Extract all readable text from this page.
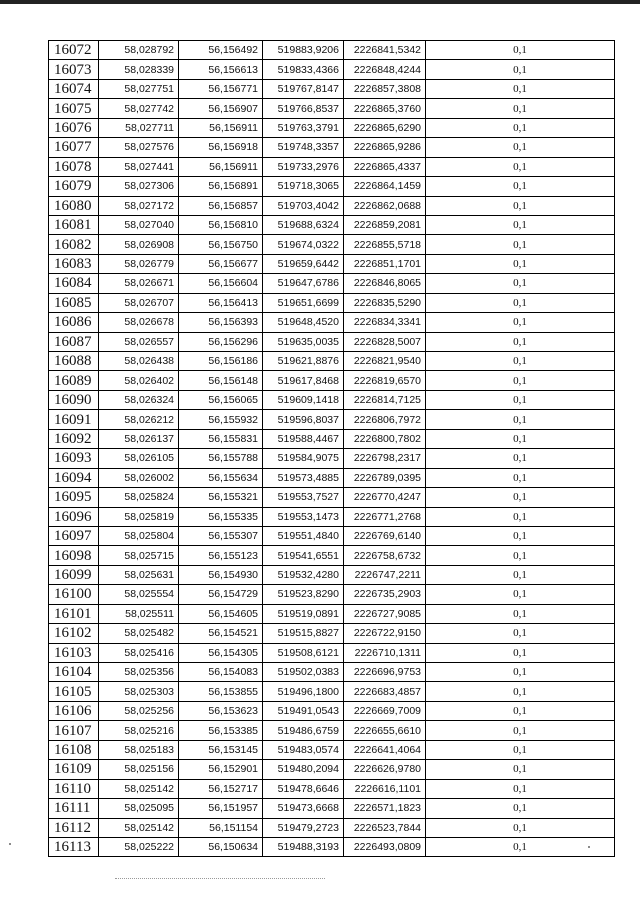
16072	58,028792	56,156492	519883,9206	2226841,5342	0,1
16073	58,028339	56,156613	519833,4366	2226848,4244	0,1
16074	58,027751	56,156771	519767,8147	2226857,3808	0,1
16075	58,027742	56,156907	519766,8537	2226865,3760	0,1
16076	58,027711	56,156911	519763,3791	2226865,6290	0,1
16077	58,027576	56,156918	519748,3357	2226865,9286	0,1
16078	58,027441	56,156911	519733,2976	2226865,4337	0,1
16079	58,027306	56,156891	519718,3065	2226864,1459	0,1
16080	58,027172	56,156857	519703,4042	2226862,0688	0,1
16081	58,027040	56,156810	519688,6324	2226859,2081	0,1
16082	58,026908	56,156750	519674,0322	2226855,5718	0,1
16083	58,026779	56,156677	519659,6442	2226851,1701	0,1
16084	58,026671	56,156604	519647,6786	2226846,8065	0,1
16085	58,026707	56,156413	519651,6699	2226835,5290	0,1
16086	58,026678	56,156393	519648,4520	2226834,3341	0,1
16087	58,026557	56,156296	519635,0035	2226828,5007	0,1
16088	58,026438	56,156186	519621,8876	2226821,9540	0,1
16089	58,026402	56,156148	519617,8468	2226819,6570	0,1
16090	58,026324	56,156065	519609,1418	2226814,7125	0,1
16091	58,026212	56,155932	519596,8037	2226806,7972	0,1
16092	58,026137	56,155831	519588,4467	2226800,7802	0,1
16093	58,026105	56,155788	519584,9075	2226798,2317	0,1
16094	58,026002	56,155634	519573,4885	2226789,0395	0,1
16095	58,025824	56,155321	519553,7527	2226770,4247	0,1
16096	58,025819	56,155335	519553,1473	2226771,2768	0,1
16097	58,025804	56,155307	519551,4840	2226769,6140	0,1
16098	58,025715	56,155123	519541,6551	2226758,6732	0,1
16099	58,025631	56,154930	519532,4280	2226747,2211	0,1
16100	58,025554	56,154729	519523,8290	2226735,2903	0,1
16101	58,025511	56,154605	519519,0891	2226727,9085	0,1
16102	58,025482	56,154521	519515,8827	2226722,9150	0,1
16103	58,025416	56,154305	519508,6121	2226710,1311	0,1
16104	58,025356	56,154083	519502,0383	2226696,9753	0,1
16105	58,025303	56,153855	519496,1800	2226683,4857	0,1
16106	58,025256	56,153623	519491,0543	2226669,7009	0,1
16107	58,025216	56,153385	519486,6759	2226655,6610	0,1
16108	58,025183	56,153145	519483,0574	2226641,4064	0,1
16109	58,025156	56,152901	519480,2094	2226626,9780	0,1
16110	58,025142	56,152717	519478,6646	2226616,1101	0,1
16111	58,025095	56,151957	519473,6668	2226571,1823	0,1
16112	58,025142	56,151154	519479,2723	2226523,7844	0,1
16113	58,025222	56,150634	519488,3193	2226493,0809	0,1
